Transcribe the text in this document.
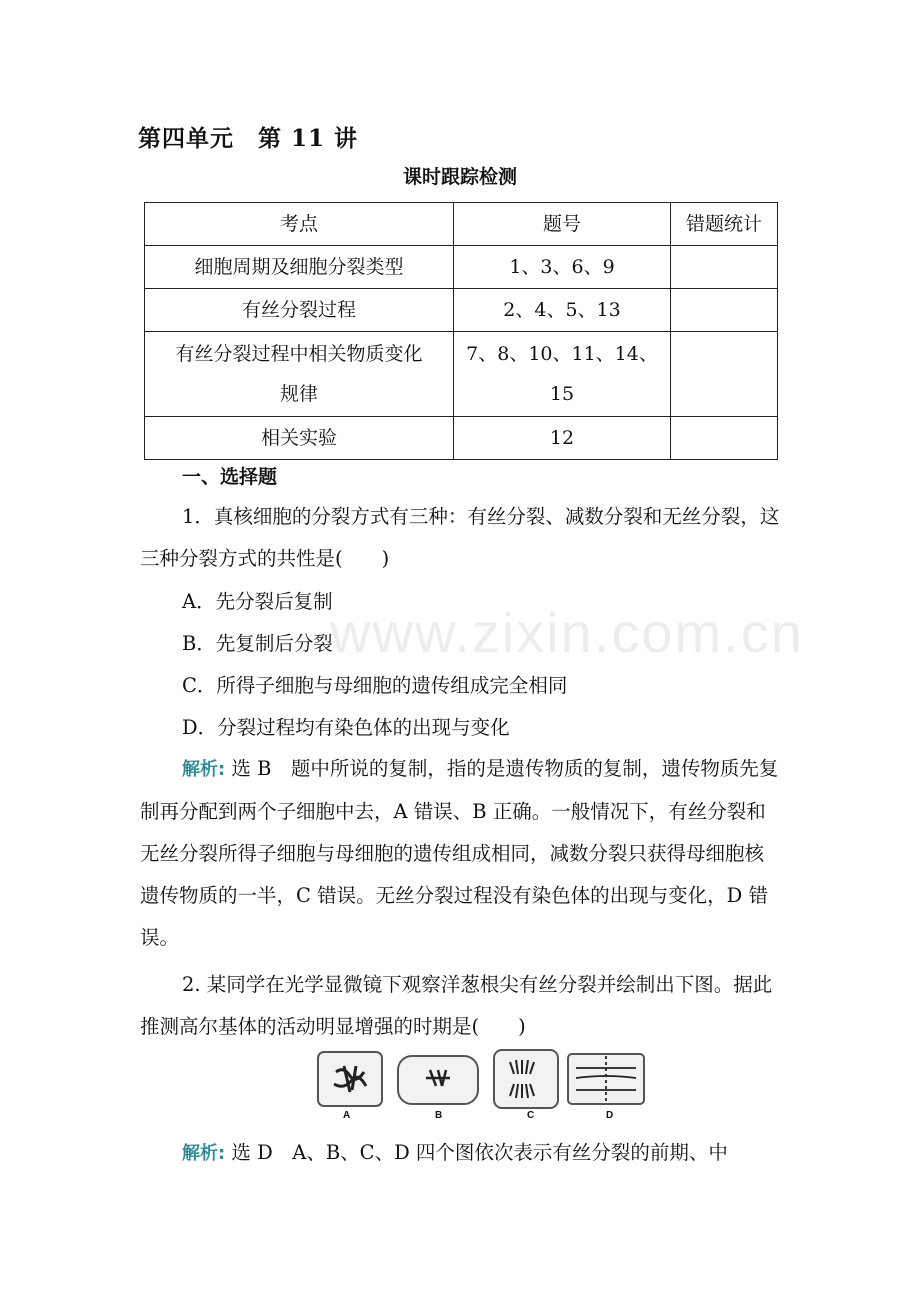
第四单元　第 11 讲
课时跟踪检测
考点	题号	错题统计
细胞周期及细胞分裂类型	1、3、6、9	
有丝分裂过程	2、4、5、13	

有丝分裂过程中相关物质变化
规律	7、8、10、11、14、15	
相关实验	12	
一、选择题
1．真核细胞的分裂方式有三种：有丝分裂、减数分裂和无丝分裂，这三种分裂方式的共性是(　　)
A．先分裂后复制
B．先复制后分裂
C．所得子细胞与母细胞的遗传组成完全相同
D．分裂过程均有染色体的出现与变化
解析: 选 B　题中所说的复制，指的是遗传物质的复制，遗传物质先复制再分配到两个子细胞中去，A 错误、B 正确。一般情况下，有丝分裂和无丝分裂所得子细胞与母细胞的遗传组成相同，减数分裂只获得母细胞核遗传物质的一半，C 错误。无丝分裂过程没有染色体的出现与变化，D 错误。
2. 某同学在光学显微镜下观察洋葱根尖有丝分裂并绘制出下图。据此推测高尔基体的活动明显增强的时期是(　　)
A	B	C	D
解析: 选 D　A、B、C、D 四个图依次表示有丝分裂的前期、中
www.zixin.com.cn
